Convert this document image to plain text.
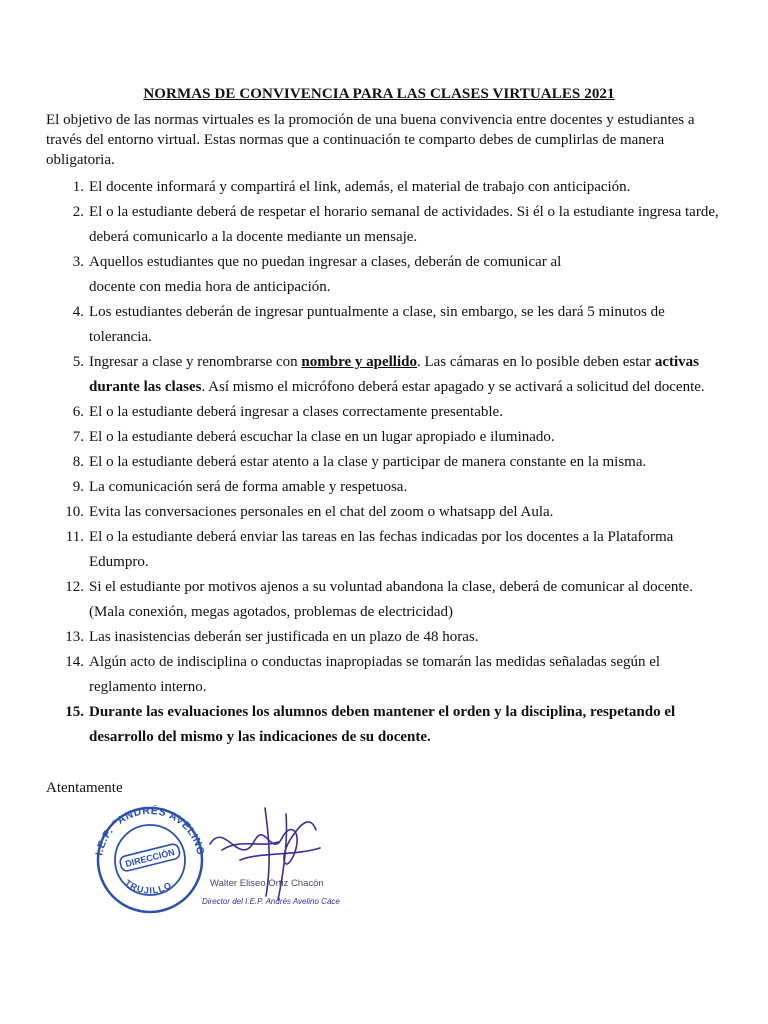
NORMAS DE CONVIVENCIA PARA LAS CLASES VIRTUALES 2021
El objetivo de las normas virtuales es la promoción de una buena convivencia entre docentes y estudiantes a través del entorno virtual. Estas normas que a continuación te comparto debes de cumplirlas de manera obligatoria.
1. El docente informará y compartirá el link, además, el material de trabajo con anticipación.
2. El o la estudiante deberá de respetar el horario semanal de actividades. Si él o la estudiante ingresa tarde, deberá comunicarlo a la docente mediante un mensaje.
3. Aquellos estudiantes que no puedan ingresar a clases, deberán de comunicar al
docente con media hora de anticipación.
4. Los estudiantes deberán de ingresar puntualmente a clase, sin embargo, se les dará 5 minutos de tolerancia.
5. Ingresar a clase y renombrarse con nombre y apellido. Las cámaras en lo posible deben estar activas durante las clases. Así mismo el micrófono deberá estar apagado y se activará a solicitud del docente.
6. El o la estudiante deberá ingresar a clases correctamente presentable.
7. El o la estudiante deberá escuchar la clase en un lugar apropiado e iluminado.
8. El o la estudiante deberá estar atento a la clase y participar de manera constante en la misma.
9. La comunicación será de forma amable y respetuosa.
10. Evita las conversaciones personales en el chat del zoom o whatsapp del Aula.
11. El o la estudiante deberá enviar las tareas en las fechas indicadas por los docentes a la Plataforma Edumpro.
12. Si el estudiante por motivos ajenos a su voluntad abandona la clase, deberá de comunicar al docente. (Mala conexión, megas agotados, problemas de electricidad)
13. Las inasistencias deberán ser justificada en un plazo de 48 horas.
14. Algún acto de indisciplina o conductas inapropiadas se tomarán las medidas señaladas según el reglamento interno.
15. Durante las evaluaciones los alumnos deben mantener el orden y la disciplina, respetando el desarrollo del mismo y las indicaciones de su docente.
Atentamente
I.E.P. "ANDRÉS AVELINO
TRUJILLO
DIRECCIÓN
Walter Eliseo Ortiz Chacón
Director del I.E.P. Andrés Avelino Cáceres
